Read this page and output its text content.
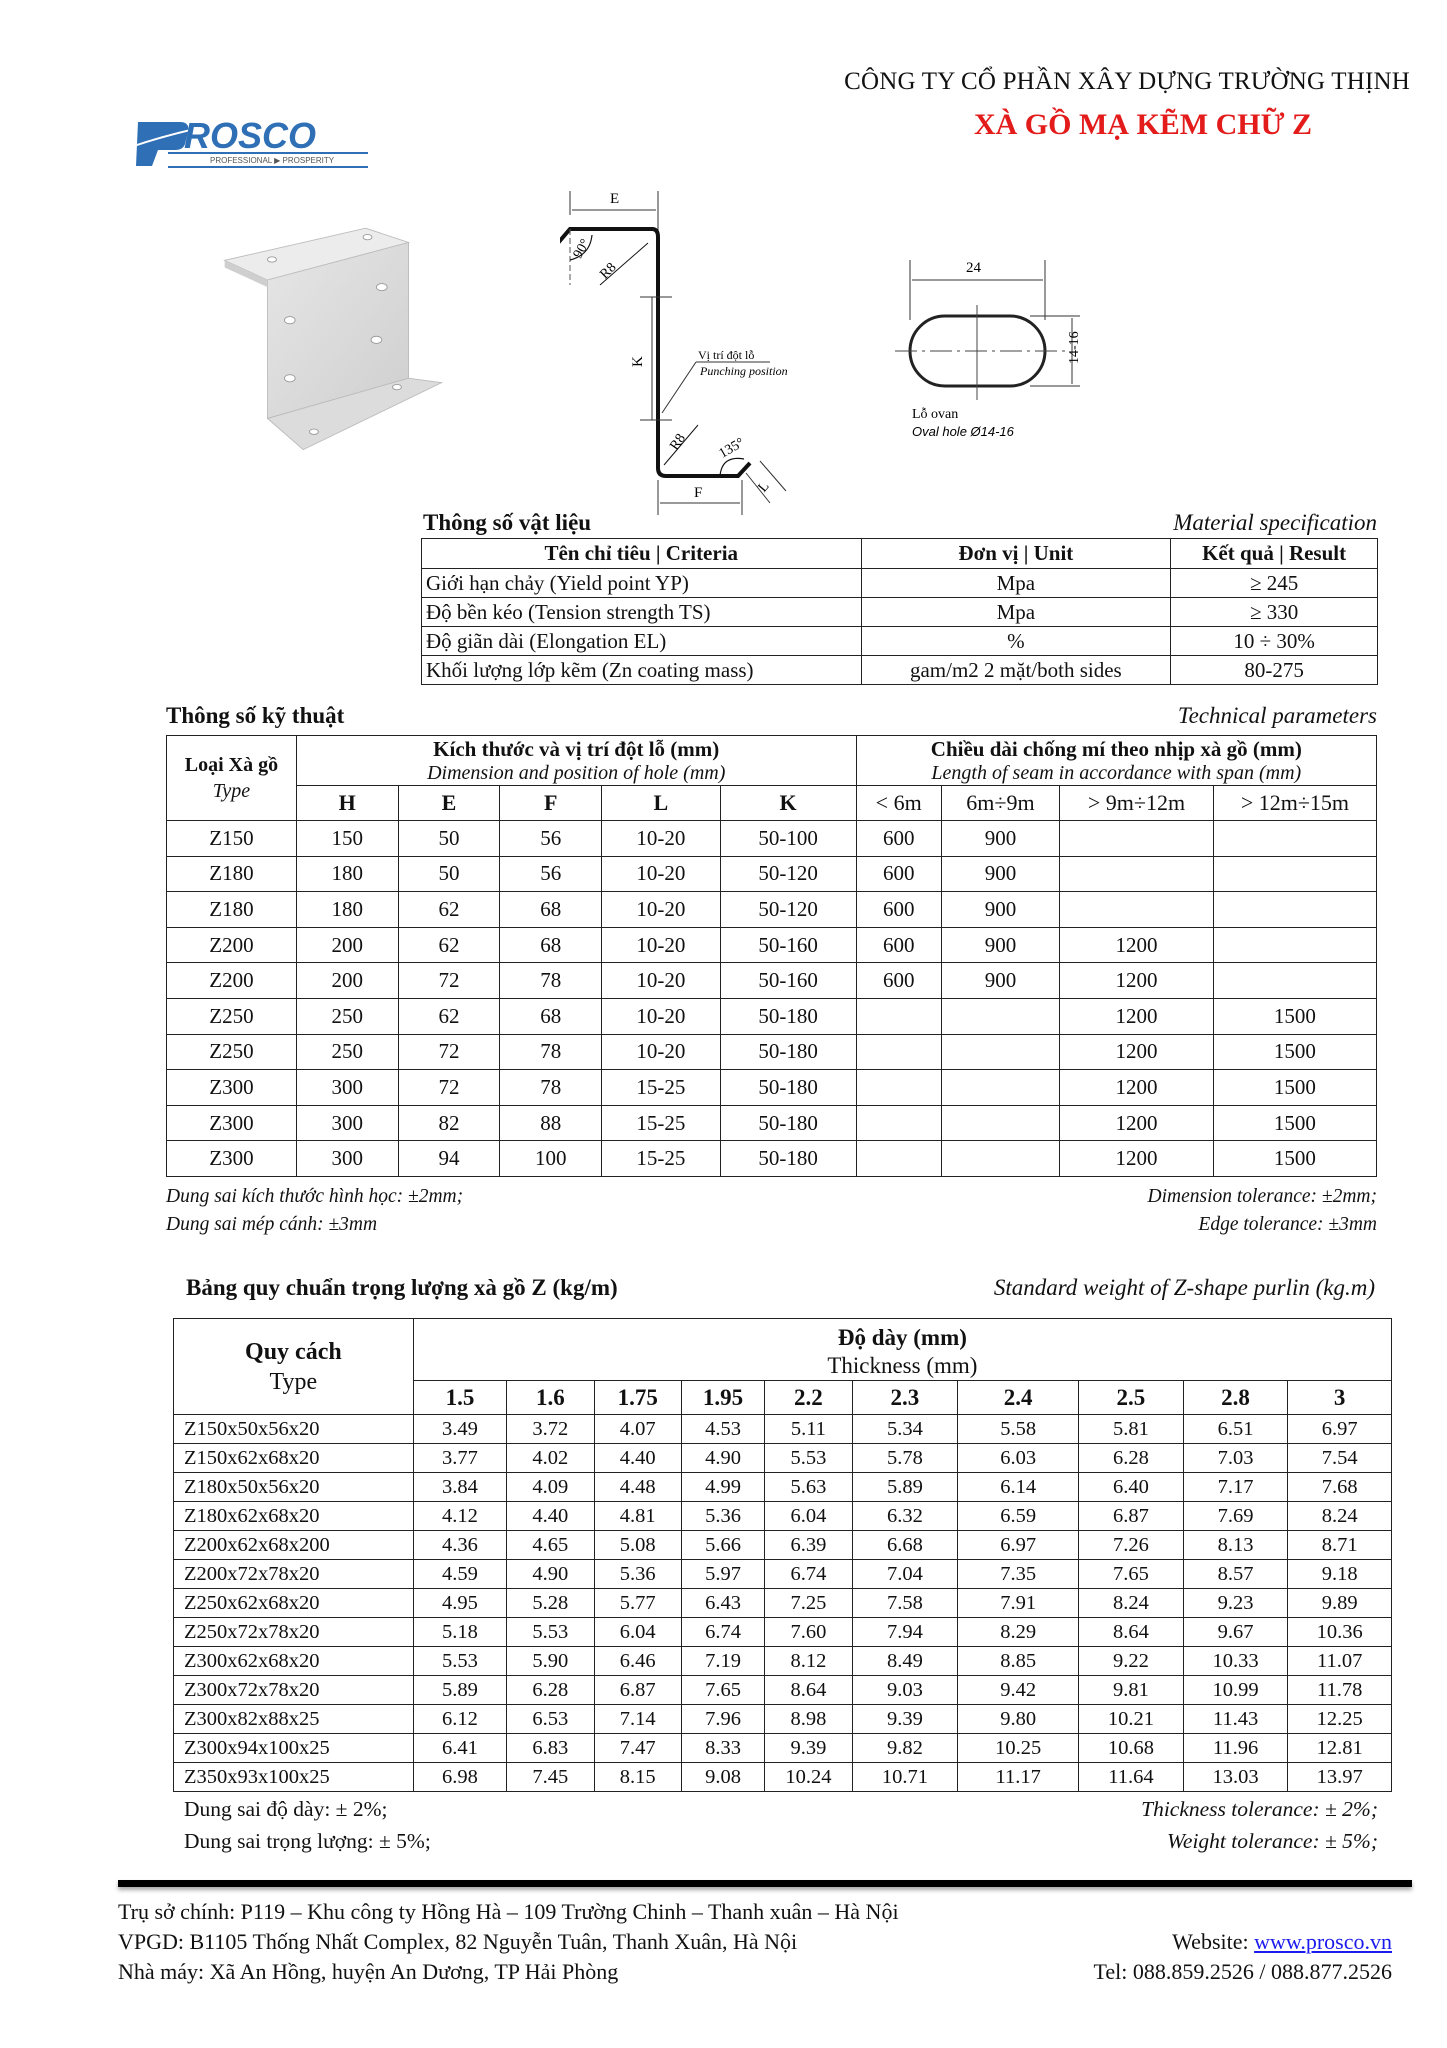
ROSCO
PROFESSIONAL ▶ PROSPERITY
CÔNG TY CỔ PHẦN XÂY DỰNG TRƯỜNG THỊNH
XÀ GỒ MẠ KẼM CHỮ Z
E
90°
R8
K	Vị trí đột lỗ
Punching position
R8 135°
F	L
24
14-16
Lỗ ovan
Oval hole Ø14-16
Thông số vật liệu	Material specification
Tên chỉ tiêu | Criteria	Đơn vị | Unit	Kết quả | Result
Giới hạn chảy (Yield point YP)	Mpa	≥ 245
Độ bền kéo (Tension strength TS)	Mpa	≥ 330
Độ giãn dài (Elongation EL)	%	10 ÷ 30%
Khối lượng lớp kẽm (Zn coating mass)	gam/m2 2 mặt/both sides	80-275
Thông số kỹ thuật	Technical parameters
Loại Xà gồ
Type

Kích thước và vị trí đột lỗ (mm)
Dimension and position of hole (mm)

Chiều dài chống mí theo nhịp xà gồ (mm)
Length of seam in accordance with span (mm)

	H	E	F	L	K	< 6m	6m÷9m	> 9m÷12m	> 12m÷15m
Z150	150	50	56	10-20	50-100	600	900		
Z180	180	50	56	10-20	50-120	600	900		
Z180	180	62	68	10-20	50-120	600	900		
Z200	200	62	68	10-20	50-160	600	900	1200	
Z200	200	72	78	10-20	50-160	600	900	1200	
Z250	250	62	68	10-20	50-180			1200	1500
Z250	250	72	78	10-20	50-180			1200	1500
Z300	300	72	78	15-25	50-180			1200	1500
Z300	300	82	88	15-25	50-180			1200	1500
Z300	300	94	100	15-25	50-180			1200	1500
Dung sai kích thước hình học: ±2mm;
Dung sai mép cánh: ±3mm
Dimension tolerance: ±2mm;
Edge tolerance: ±3mm
Bảng quy chuẩn trọng lượng xà gồ Z (kg/m)	Standard weight of Z-shape purlin (kg.m)
Quy cách
Type

Độ dày (mm)
Thickness (mm)

	1.5	1.6	1.75	1.95	2.2	2.3	2.4	2.5	2.8	3
Z150x50x56x20	3.49	3.72	4.07	4.53	5.11	5.34	5.58	5.81	6.51	6.97
Z150x62x68x20	3.77	4.02	4.40	4.90	5.53	5.78	6.03	6.28	7.03	7.54
Z180x50x56x20	3.84	4.09	4.48	4.99	5.63	5.89	6.14	6.40	7.17	7.68
Z180x62x68x20	4.12	4.40	4.81	5.36	6.04	6.32	6.59	6.87	7.69	8.24
Z200x62x68x200	4.36	4.65	5.08	5.66	6.39	6.68	6.97	7.26	8.13	8.71
Z200x72x78x20	4.59	4.90	5.36	5.97	6.74	7.04	7.35	7.65	8.57	9.18
Z250x62x68x20	4.95	5.28	5.77	6.43	7.25	7.58	7.91	8.24	9.23	9.89
Z250x72x78x20	5.18	5.53	6.04	6.74	7.60	7.94	8.29	8.64	9.67	10.36
Z300x62x68x20	5.53	5.90	6.46	7.19	8.12	8.49	8.85	9.22	10.33	11.07
Z300x72x78x20	5.89	6.28	6.87	7.65	8.64	9.03	9.42	9.81	10.99	11.78
Z300x82x88x25	6.12	6.53	7.14	7.96	8.98	9.39	9.80	10.21	11.43	12.25
Z300x94x100x25	6.41	6.83	7.47	8.33	9.39	9.82	10.25	10.68	11.96	12.81
Z350x93x100x25	6.98	7.45	8.15	9.08	10.24	10.71	11.17	11.64	13.03	13.97
Dung sai độ dày: ± 2%;
Dung sai trọng lượng: ± 5%;
Thickness tolerance: ± 2%;
Weight tolerance: ± 5%;
Trụ sở chính: P119 – Khu công ty Hồng Hà – 109 Trường Chinh – Thanh xuân – Hà Nội
VPGD: B1105 Thống Nhất Complex, 82 Nguyễn Tuân, Thanh Xuân, Hà Nội
Nhà máy: Xã An Hồng, huyện An Dương, TP Hải Phòng
Website: www.prosco.vn
Tel: 088.859.2526 / 088.877.2526
